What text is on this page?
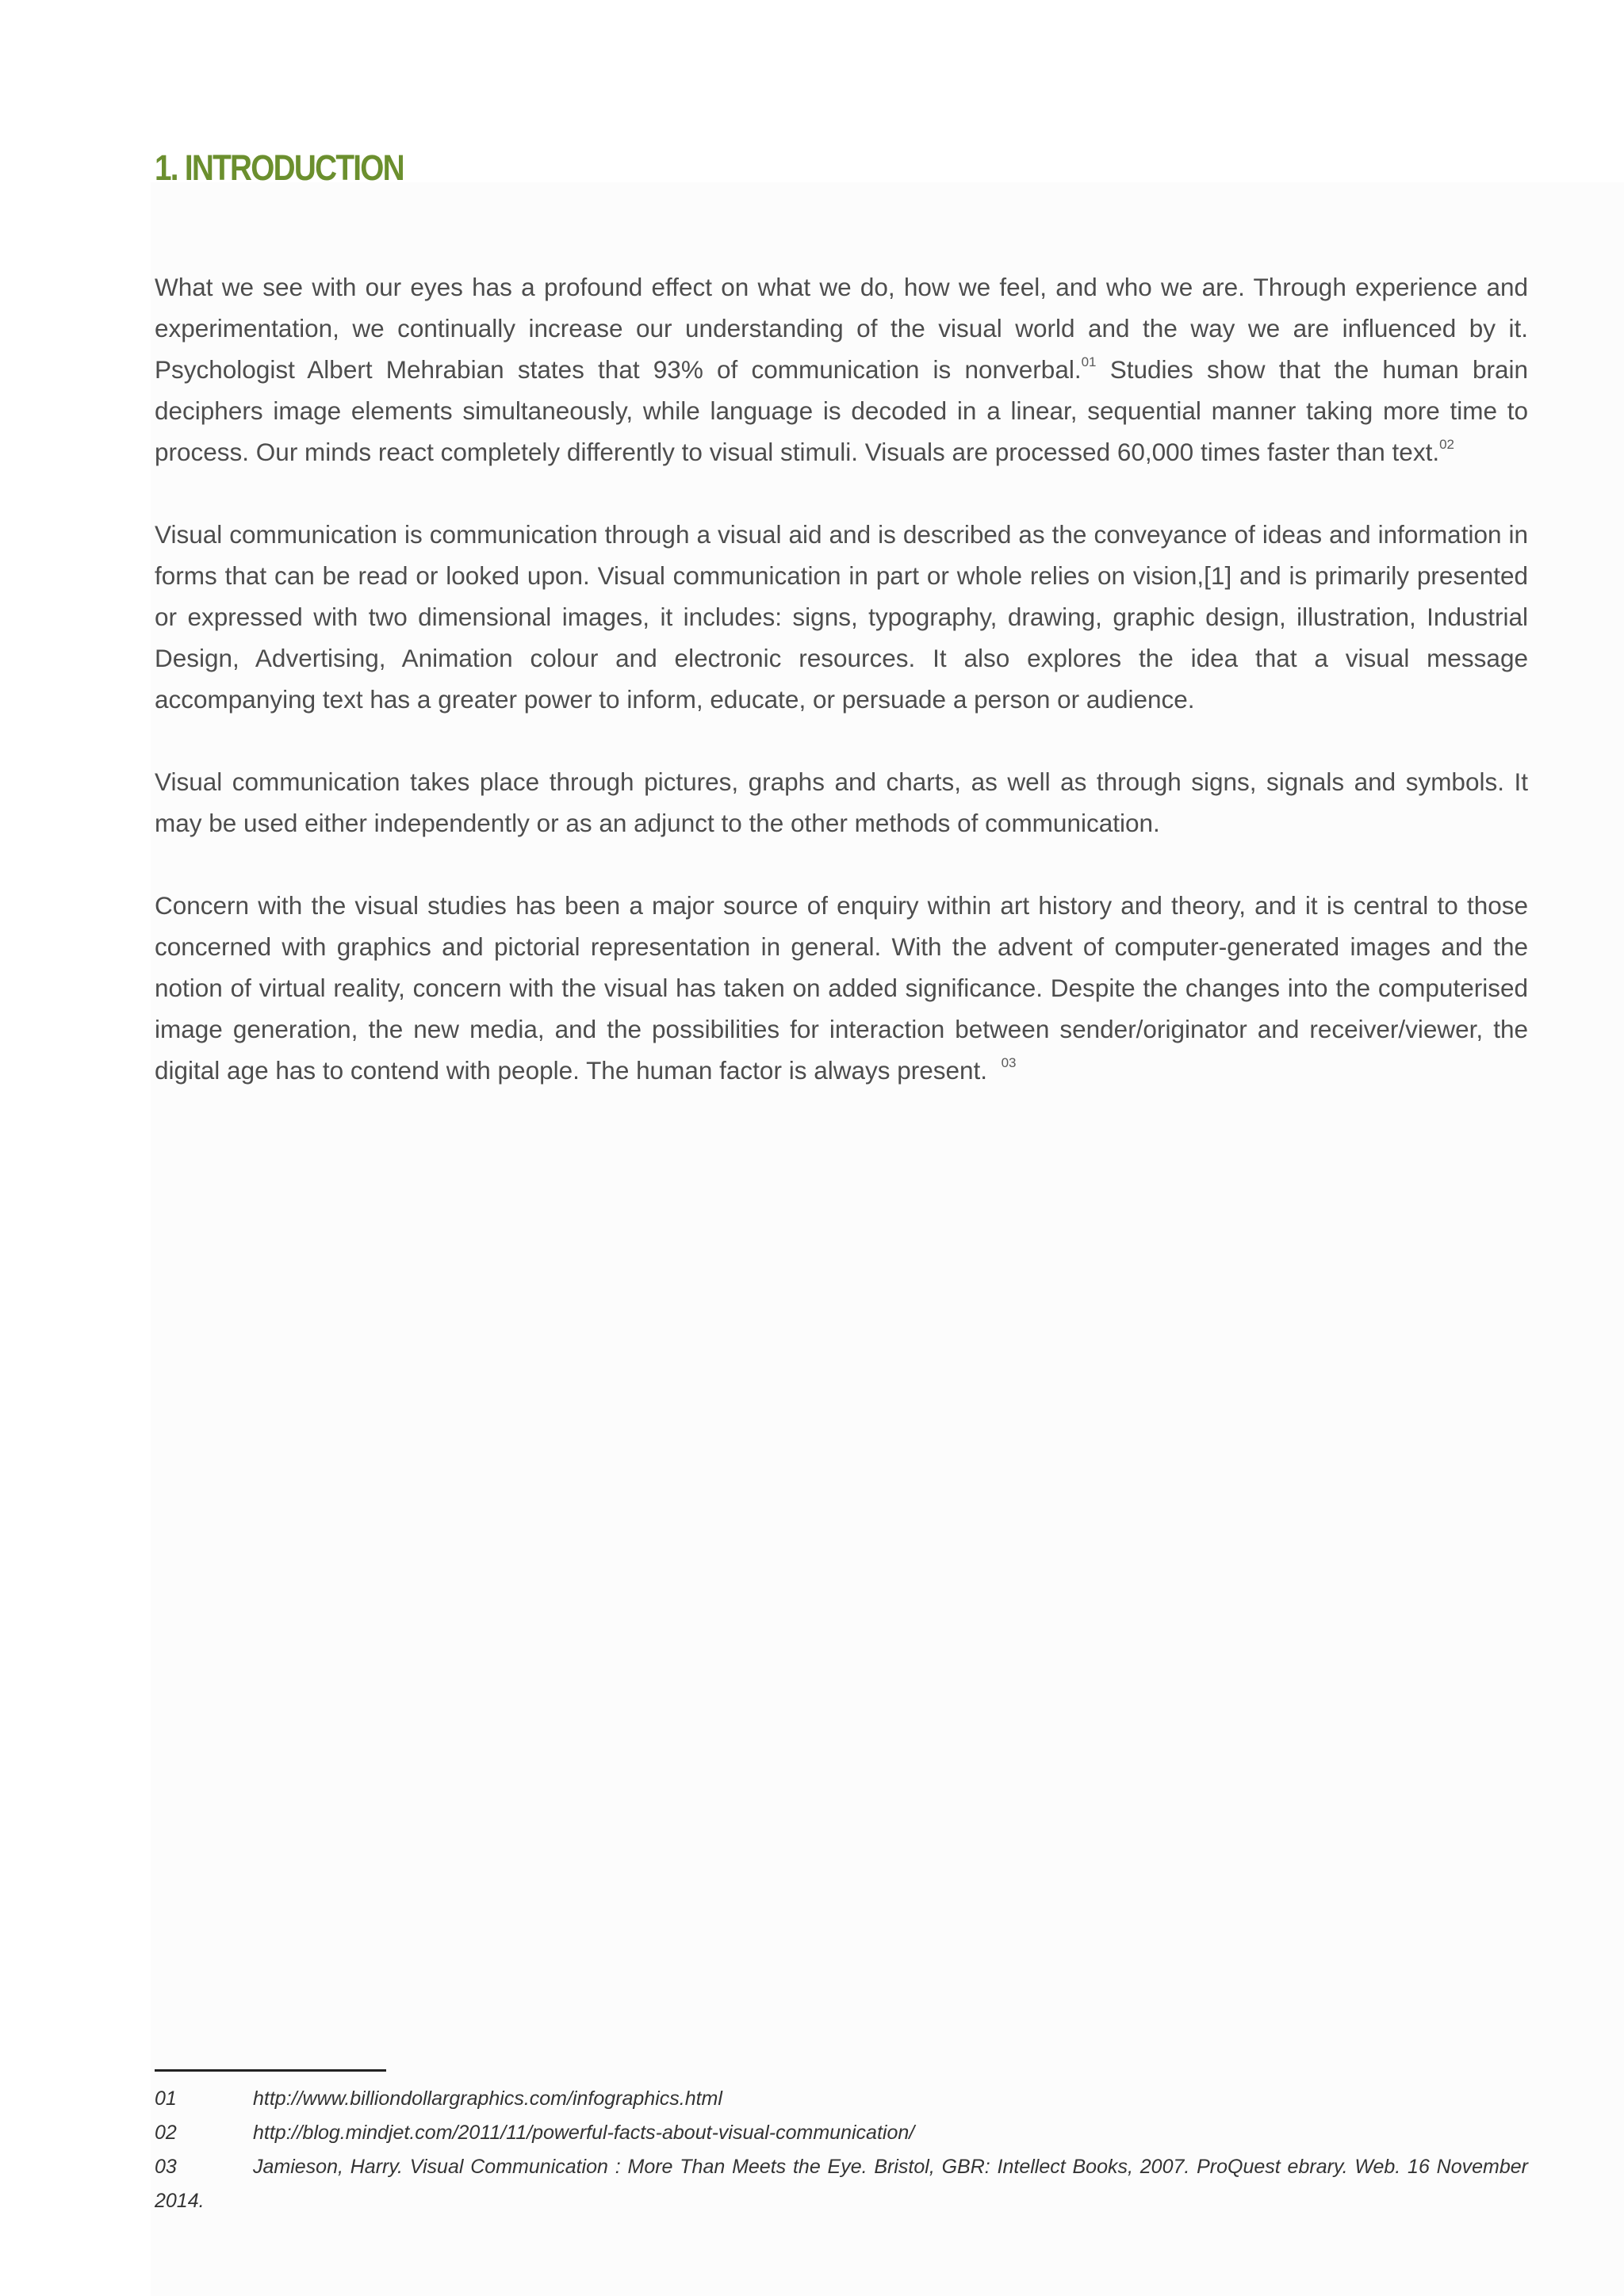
1. INTRODUCTION

What we see with our eyes has a profound effect on what we do, how we feel, and who we are. Through experience and experimentation, we continually increase our understanding of the visual world and the way we are influenced by it. Psychologist Albert Mehrabian states that 93% of communication is nonverbal.$^{01}$ Studies show that the human brain deciphers image elements simultaneously, while language is decoded in a linear, sequential manner taking more time to process. Our minds react completely differently to visual stimuli. Visuals are processed 60,000 times faster than text.$^{02}$

Visual communication is communication through a visual aid and is described as the conveyance of ideas and information in forms that can be read or looked upon. Visual communication in part or whole relies on vision,[1] and is primarily presented or expressed with two dimensional images, it includes: signs, typography, drawing, graphic design, illustration, Industrial Design, Advertising, Animation colour and electronic resources. It also explores the idea that a visual message accompanying text has a greater power to inform, educate, or persuade a person or audience.

Visual communication takes place through pictures, graphs and charts, as well as through signs, signals and symbols. It may be used either independently or as an adjunct to the other methods of communication.

Concern with the visual studies has been a major source of enquiry within art history and theory, and it is central to those concerned with graphics and pictorial representation in general. With the advent of computer-generated images and the notion of virtual reality, concern with the visual has taken on added significance. Despite the changes into the computerised image generation, the new media, and the possibilities for interaction between sender/originator and receiver/viewer, the digital age has to contend with people. The human factor is always present. $^{03}$

01	http://www.billiondollargraphics.com/infographics.html

02	http://blog.mindjet.com/2011/11/powerful-facts-about-visual-communication/

03	Jamieson, Harry. Visual Communication : More Than Meets the Eye. Bristol, GBR: Intellect Books, 2007. ProQuest ebrary. Web. 16 November 2014.
